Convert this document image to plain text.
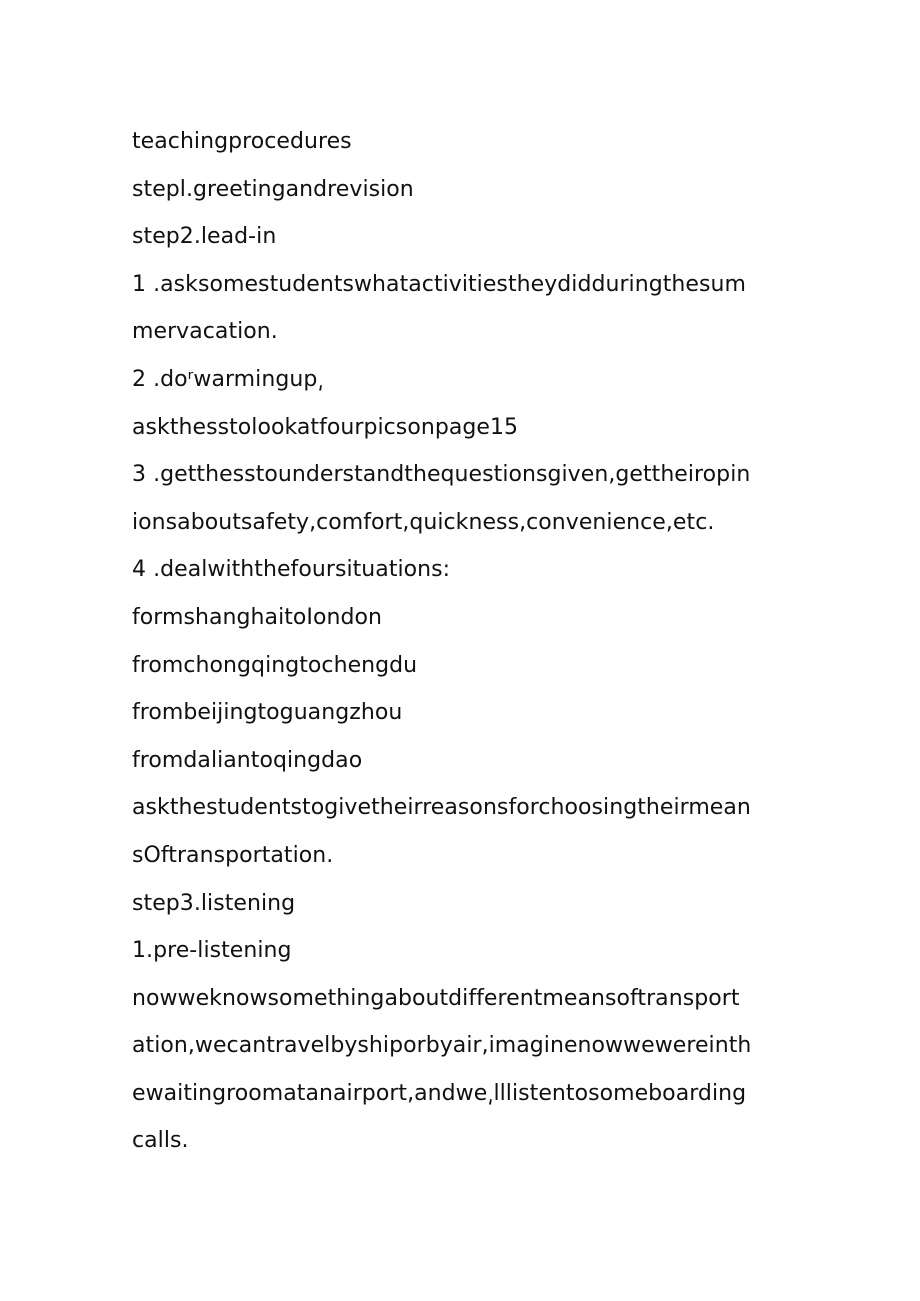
teachingprocedures
stepl.greetingandrevision
step2.lead-in
1 .asksomestudentswhatactivitiestheydidduringthesum
mervacation.
2 .doʳwarmingup͵
askthesstolookatfourpicsonpage15
3 .getthesstounderstandthequestionsgiven,gettheiropin
ionsaboutsafety,comfort,quickness,convenience,etc.
4 .dealwiththefoursituations:
formshanghaitoIondon
fromchongqingtochengdu
frombeijingtoguangzhou
fromdaliantoqingdao
askthestudentstogivetheirreasonsforchoosingtheirmean
sOftransportation.
step3.listening
1.pre-listening
nowweknowsomethingaboutdifferentmeansoftransport
ation,wecantravelbyshiporbyair,imaginenowwewereinth
ewaitingroomatanairport,andwe͵lllistentosomeboarding
calls.
